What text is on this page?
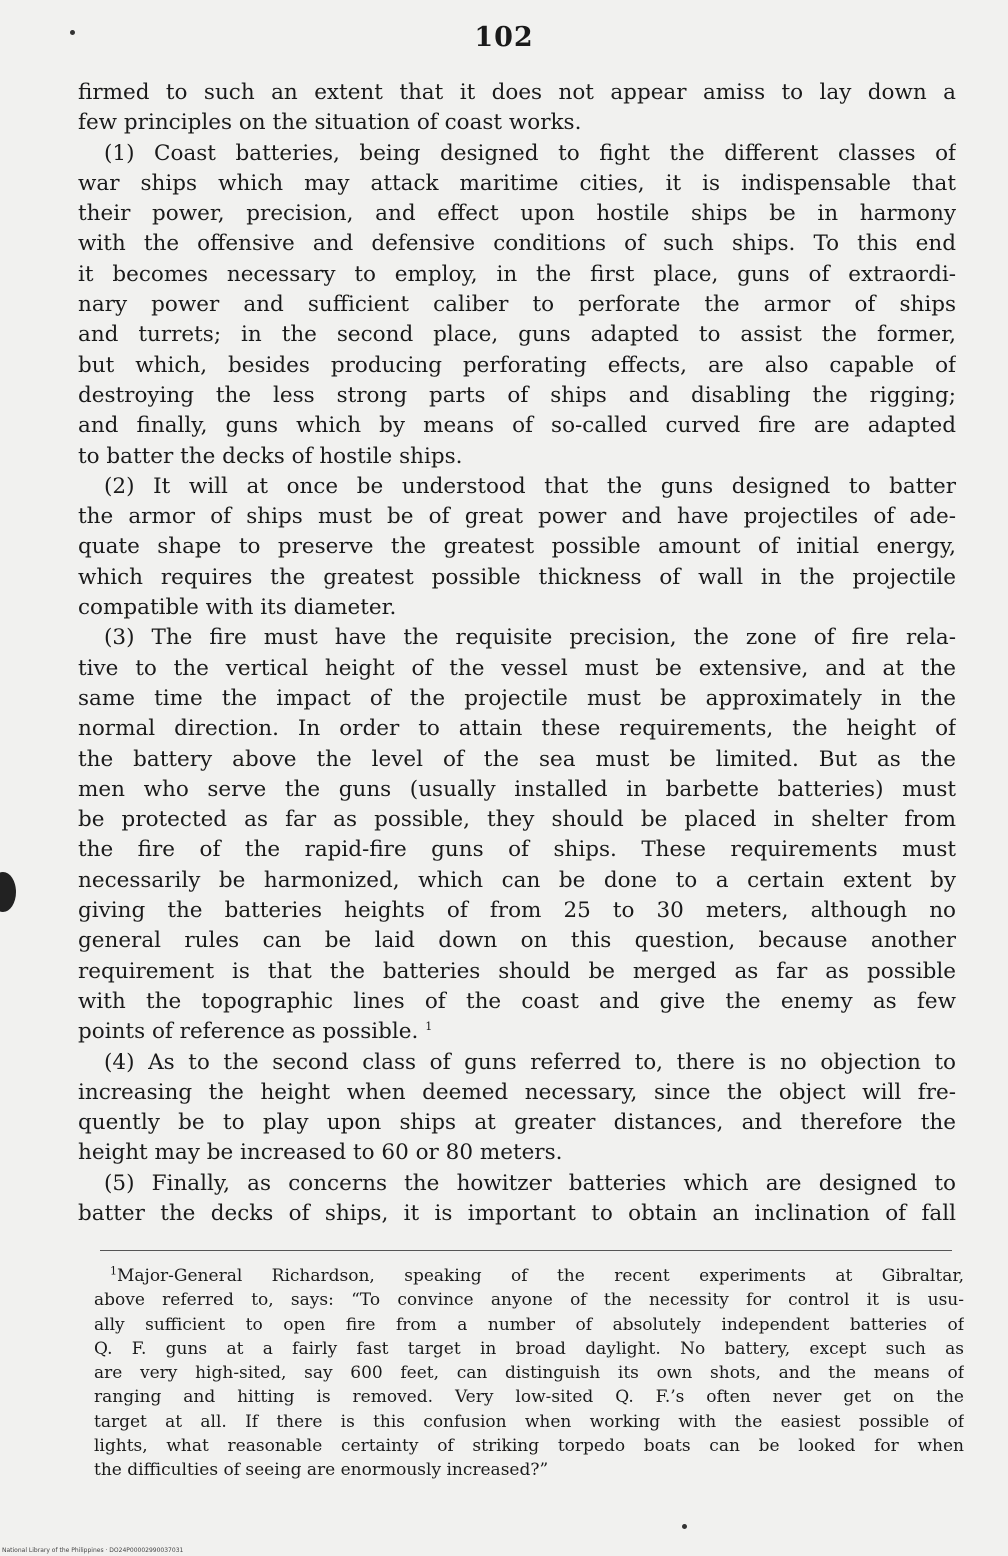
102
firmed to such an extent that it does not appear amiss to lay down a
few principles on the situation of coast works.
(1) Coast batteries, being designed to fight the different classes of
war ships which may attack maritime cities, it is indispensable that
their power, precision, and effect upon hostile ships be in harmony
with the offensive and defensive conditions of such ships. To this end
it becomes necessary to employ, in the first place, guns of extraordi-
nary power and sufficient caliber to perforate the armor of ships
and turrets; in the second place, guns adapted to assist the former,
but which, besides producing perforating effects, are also capable of
destroying the less strong parts of ships and disabling the rigging;
and finally, guns which by means of so-called curved fire are adapted
to batter the decks of hostile ships.
(2) It will at once be understood that the guns designed to batter
the armor of ships must be of great power and have projectiles of ade-
quate shape to preserve the greatest possible amount of initial energy,
which requires the greatest possible thickness of wall in the projectile
compatible with its diameter.
(3) The fire must have the requisite precision, the zone of fire rela-
tive to the vertical height of the vessel must be extensive, and at the
same time the impact of the projectile must be approximately in the
normal direction. In order to attain these requirements, the height of
the battery above the level of the sea must be limited. But as the
men who serve the guns (usually installed in barbette batteries) must
be protected as far as possible, they should be placed in shelter from
the fire of the rapid-fire guns of ships. These requirements must
necessarily be harmonized, which can be done to a certain extent by
giving the batteries heights of from 25 to 30 meters, although no
general rules can be laid down on this question, because another
requirement is that the batteries should be merged as far as possible
with the topographic lines of the coast and give the enemy as few
points of reference as possible. $^1$
(4) As to the second class of guns referred to, there is no objection to
increasing the height when deemed necessary, since the object will fre-
quently be to play upon ships at greater distances, and therefore the
height may be increased to 60 or 80 meters.
(5) Finally, as concerns the howitzer batteries which are designed to
batter the decks of ships, it is important to obtain an inclination of fall
$^1$Major-General Richardson, speaking of the recent experiments at Gibraltar,
above referred to, says: “To convince anyone of the necessity for control it is usu-
ally sufficient to open fire from a number of absolutely independent batteries of
Q. F. guns at a fairly fast target in broad daylight. No battery, except such as
are very high-sited, say 600 feet, can distinguish its own shots, and the means of
ranging and hitting is removed. Very low-sited Q. F.’s often never get on the
target at all. If there is this confusion when working with the easiest possible of
lights, what reasonable certainty of striking torpedo boats can be looked for when
the difficulties of seeing are enormously increased?”
National Library of the Philippines · DO24P00002990037031
